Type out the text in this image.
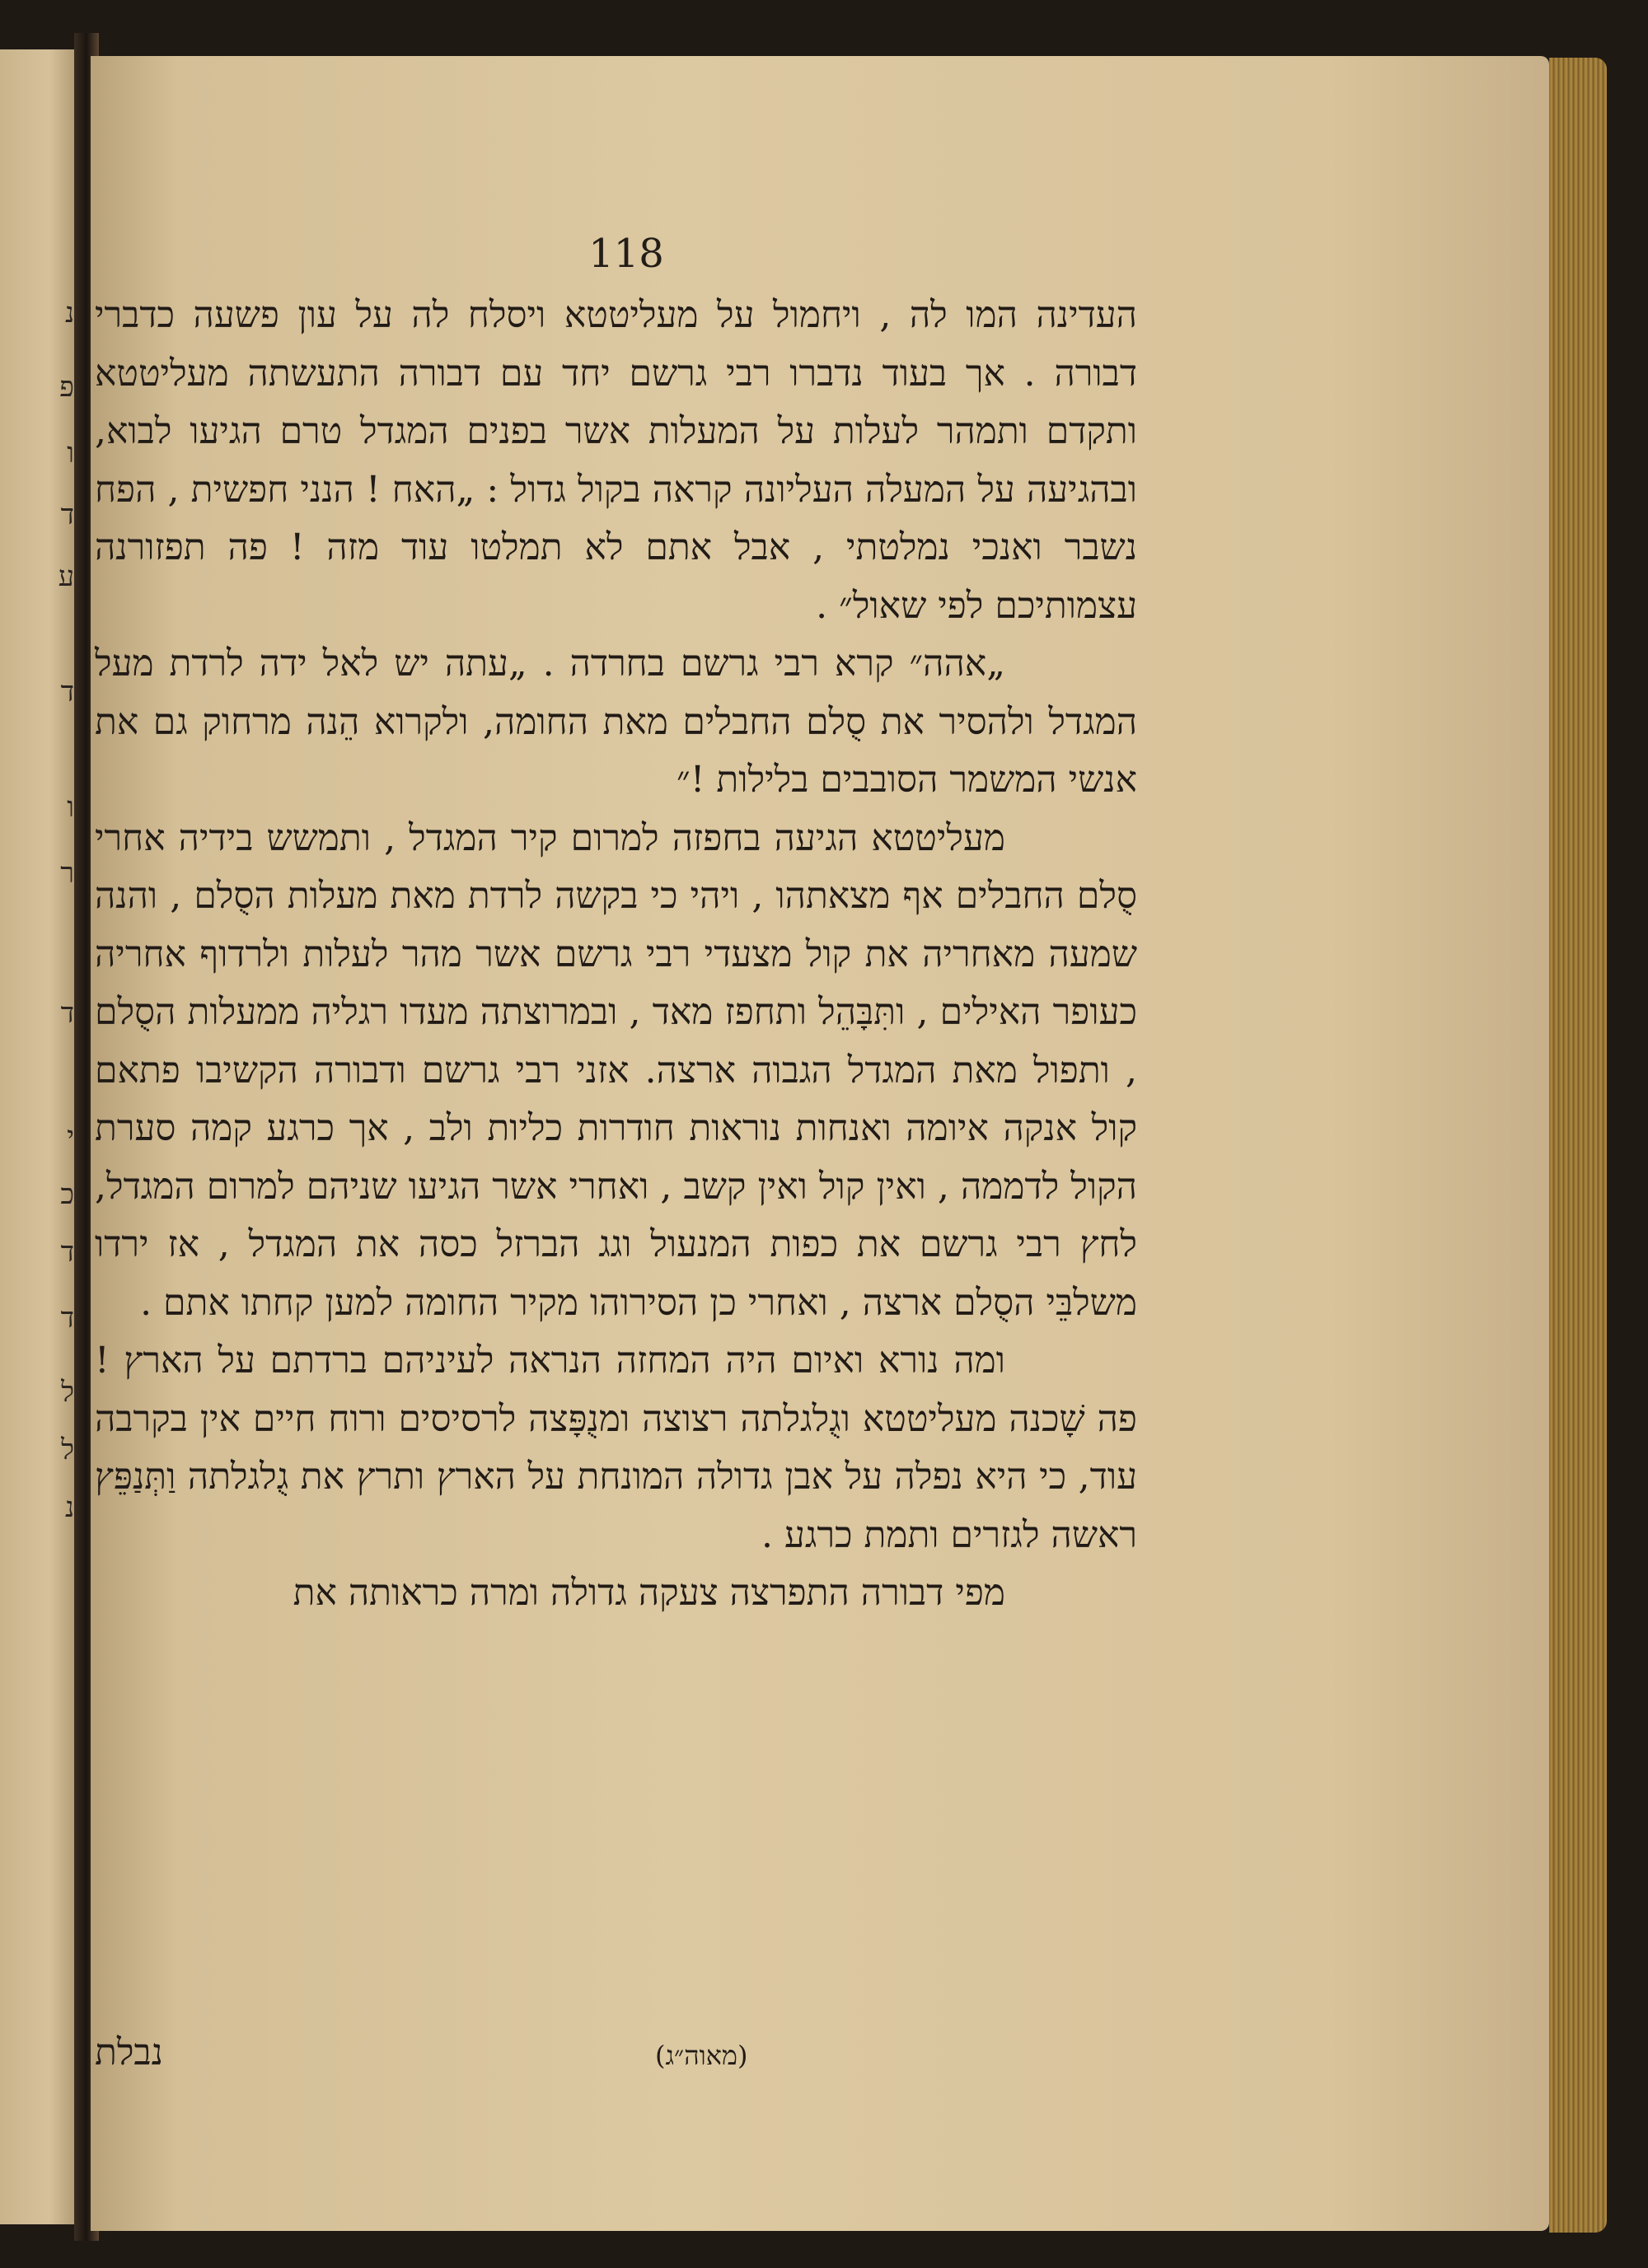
נ
פ
ו
ד
ע
ד
ו
ר
ד
י
כ
ד
ד
ל
ל
נ
118

העדינה המו לה , ויחמול על מעליטטא ויסלח לה על עון פשעה כדברי דבורה . אך בעוד נדברו רבי גרשם יחד עם דבורה התעשתה מעליטטא ותקדם ותמהר לעלות על המעלות אשר בפנים המגדל טרם הגיעו לבוא, ובהגיעה על המעלה העליונה קראה בקול גדול : „האח ! הנני חפשית , הפח נשבר ואנכי נמלטתי , אבל אתם לא תמלטו עוד מזה ! פה תפזורנה עצמותיכם לפי שאול״ .

„אהה״ קרא רבי גרשם בחרדה . „עתה יש לאל ידה לרדת מעל המגדל ולהסיר את סֻלם החבלים מאת החומה, ולקרוא הֵנה מרחוק גם את אנשי המשמר הסובבים בלילות !״

מעליטטא הגיעה בחפזה למרום קיר המגדל , ותמשש בידיה אחרי סֻלם החבלים אף מצאתהו , ויהי כי בקשה לרדת מאת מעלות הסֻלם , והנה שמעה מאחריה את קול מצעדי רבי גרשם אשר מהר לעלות ולרדוף אחריה כעופר האילים , ותִּבָּהֵל ותחפז מאד , ובמרוצתה מעדו רגליה ממעלות הסֻלם , ותפול מאת המגדל הגבוה ארצה. אזני רבי גרשם ודבורה הקשיבו פתאם קול אנקה איומה ואנחות נוראות חודרות כליות ולב , אך כרגע קמה סערת הקול לדממה , ואין קול ואין קשב , ואחרי אשר הגיעו שניהם למרום המגדל, לחץ רבי גרשם את כפות המנעול וגג הברזל כסה את המגדל , אז ירדו משלבֵּי הסֻלם ארצה , ואחרי כן הסירוהו מקיר החומה למען קחתו אתם .

ומה נורא ואיום היה המחזה הנראה לעיניהם ברדתם על הארץ ! פה שָׁכנה מעליטטא וגֻלגלתה רצוצה ומנֻפָּצה לרסיסים ורוח חיים אין בקרבה עוד, כי היא נפלה על אבן גדולה המונחת על הארץ ותרץ את גֻלגלתה וַתְּנַפֵּץ ראשה לגזרים ותמת כרגע .

מפי דבורה התפרצה צעקה גדולה ומרה כראותה את

נבלת	(מאוה״ג)
